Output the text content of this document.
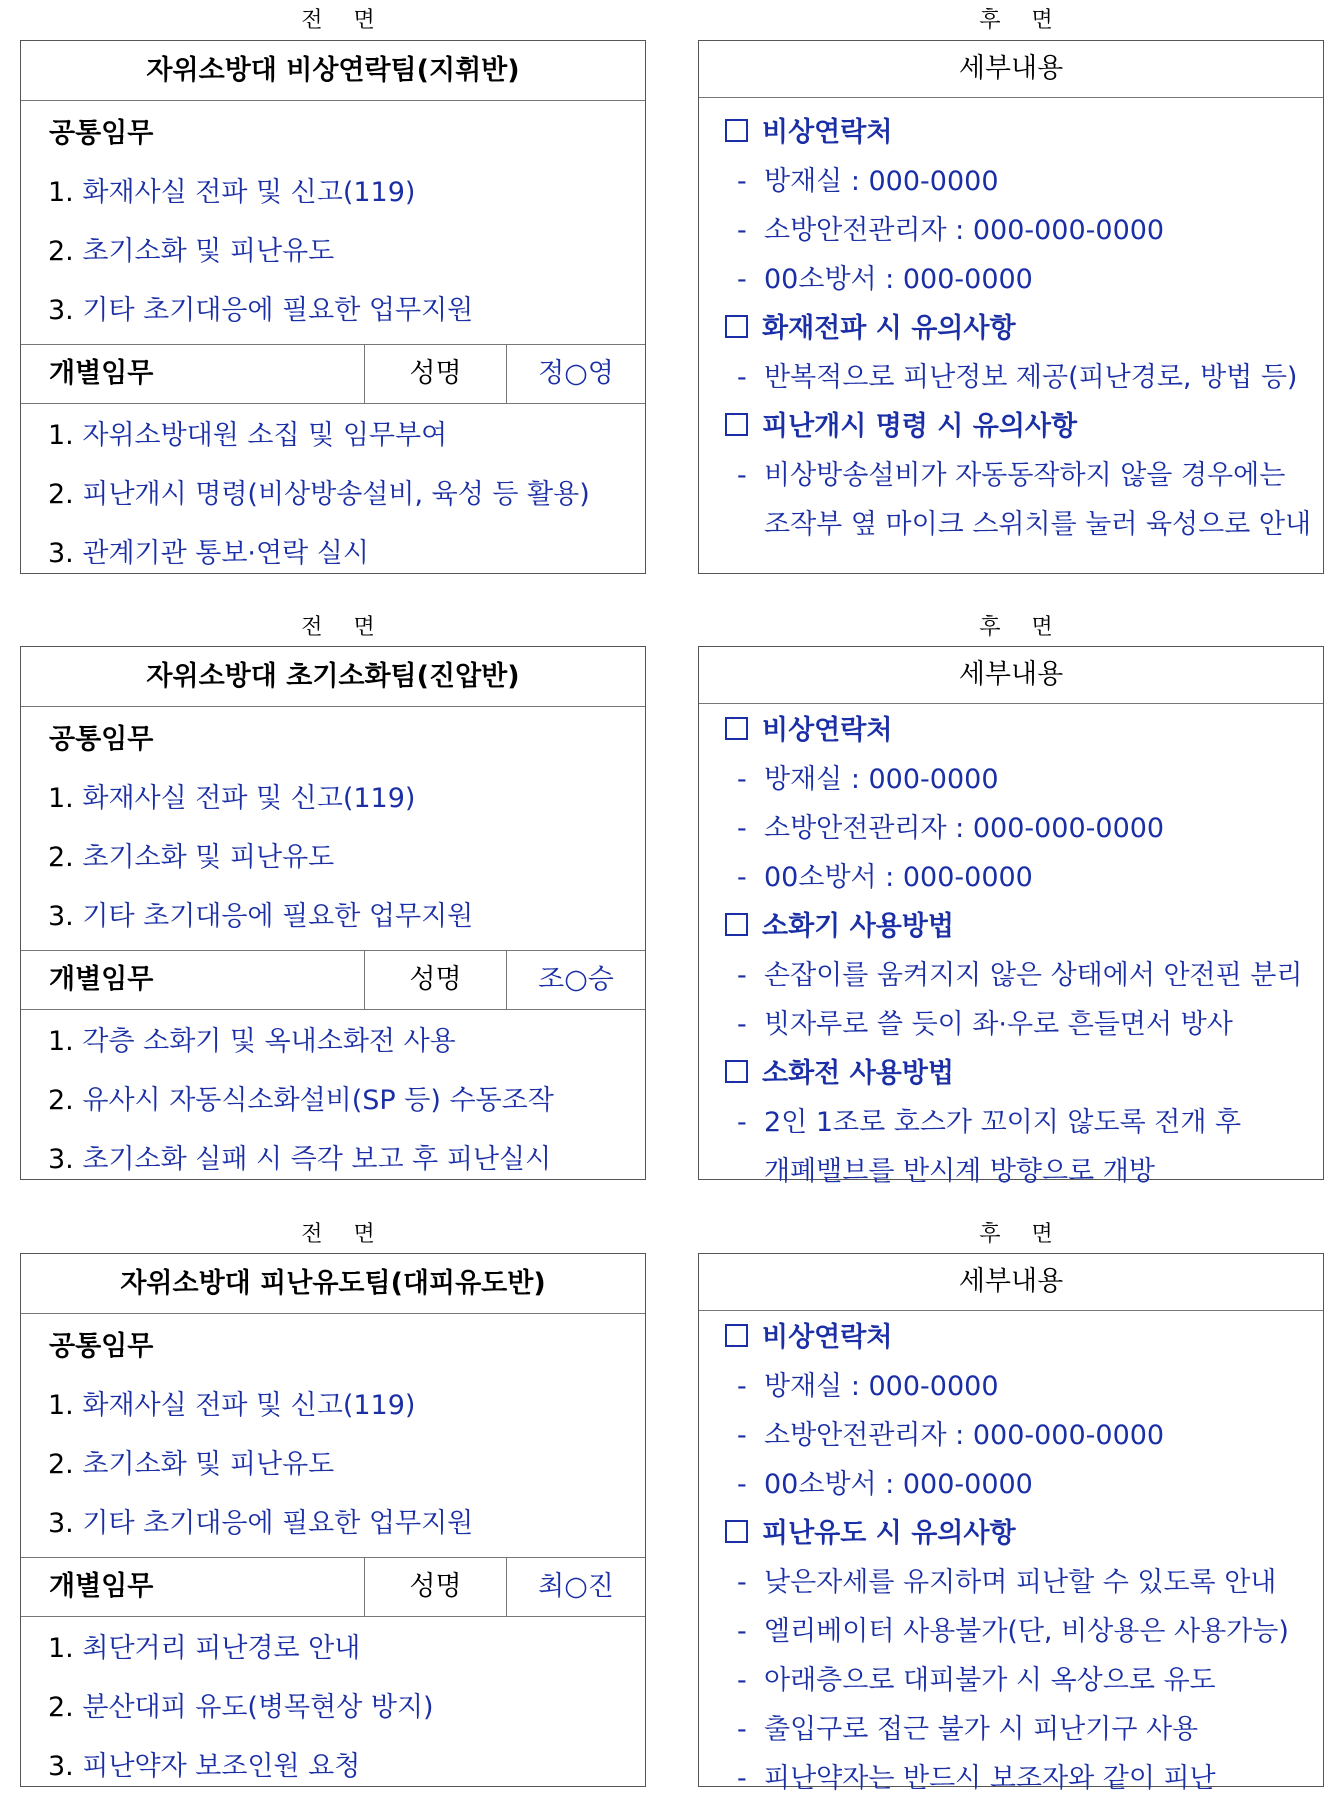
전 면	후 면
자위소방대 비상연락팀(지휘반)
공통임무
1. 화재사실 전파 및 신고(119)
2. 초기소화 및 피난유도
3. 기타 초기대응에 필요한 업무지원
개별임무	성명	정○영
1. 자위소방대원 소집 및 임무부여
2. 피난개시 명령(비상방송설비, 육성 등 활용)
3. 관계기관 통보·연락 실시
세부내용
비상연락처
- 방재실 : 000-0000
- 소방안전관리자 : 000-000-0000
- 00소방서 : 000-0000
화재전파 시 유의사항
- 반복적으로 피난정보 제공(피난경로, 방법 등)
피난개시 명령 시 유의사항
- 비상방송설비가 자동동작하지 않을 경우에는
조작부 옆 마이크 스위치를 눌러 육성으로 안내
전 면	후 면
자위소방대 초기소화팀(진압반)
공통임무
1. 화재사실 전파 및 신고(119)
2. 초기소화 및 피난유도
3. 기타 초기대응에 필요한 업무지원
개별임무	성명	조○승
1. 각층 소화기 및 옥내소화전 사용
2. 유사시 자동식소화설비(SP 등) 수동조작
3. 초기소화 실패 시 즉각 보고 후 피난실시
세부내용
비상연락처
- 방재실 : 000-0000
- 소방안전관리자 : 000-000-0000
- 00소방서 : 000-0000
소화기 사용방법
- 손잡이를 움켜지지 않은 상태에서 안전핀 분리
- 빗자루로 쓸 듯이 좌·우로 흔들면서 방사
소화전 사용방법
- 2인 1조로 호스가 꼬이지 않도록 전개 후
개폐밸브를 반시계 방향으로 개방
전 면	후 면
자위소방대 피난유도팀(대피유도반)
공통임무
1. 화재사실 전파 및 신고(119)
2. 초기소화 및 피난유도
3. 기타 초기대응에 필요한 업무지원
개별임무	성명	최○진
1. 최단거리 피난경로 안내
2. 분산대피 유도(병목현상 방지)
3. 피난약자 보조인원 요청
세부내용
비상연락처
- 방재실 : 000-0000
- 소방안전관리자 : 000-000-0000
- 00소방서 : 000-0000
피난유도 시 유의사항
- 낮은자세를 유지하며 피난할 수 있도록 안내
- 엘리베이터 사용불가(단, 비상용은 사용가능)
- 아래층으로 대피불가 시 옥상으로 유도
- 출입구로 접근 불가 시 피난기구 사용
- 피난약자는 반드시 보조자와 같이 피난
